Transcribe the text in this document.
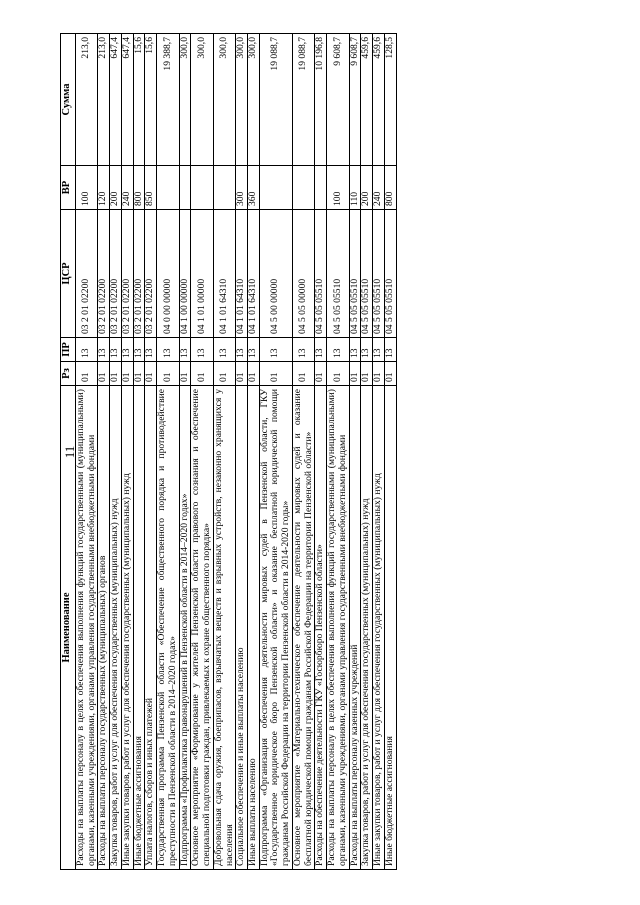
11
Наименование	Рз	ПР	ЦСР	ВР	Сумма
Расходы на выплаты персоналу в целях обеспечения выполнения функций государственными (муниципальными) органами, казенными учреждениями, органами управления государственными внебюджетными фондами	01	13	03 2 01 02200	100	213,0
Расходы на выплаты персоналу государственных (муниципальных) органов	01	13	03 2 01 02200	120	213,0
Закупка товаров, работ и услуг для обеспечения государственных (муниципальных) нужд	01	13	03 2 01 02200	200	647,4
Иные закупки товаров, работ и услуг для обеспечения государственных (муниципальных) нужд	01	13	03 2 01 02200	240	647,4
Иные бюджетные ассигнования	01	13	03 2 01 02200	800	15,6
Уплата налогов, сборов и иных платежей	01	13	03 2 01 02200	850	15,6
Государственная программа Пензенской области «Обеспечение общественного порядка и противодействие преступности в Пензенской области в 2014–2020 годах»	01	13	04 0 00 00000		19 388,7
Подпрограмма «Профилактика правонарушений в Пензенской области в 2014–2020 годах»	01	13	04 1 00 00000		300,0
Основное мероприятие «Формирование у жителей Пензенской области правового сознания и обеспечение специальной подготовки граждан, привлекаемых к охране общественного порядка»	01	13	04 1 01 00000		300,0
Добровольная сдача оружия, боеприпасов, взрывчатых веществ и взрывных устройств, незаконно хранящихся у населения	01	13	04 1 01 64310		300,0
Социальное обеспечение и иные выплаты населению	01	13	04 1 01 64310	300	300,0
Иные выплаты населению	01	13	04 1 01 64310	360	300,0
Подпрограмма «Организация обеспечения деятельности мировых судей в Пензенской области, ГКУ «Государственное юридическое бюро Пензенской области» и оказание бесплатной юридической помощи гражданам Российской Федерации на территории Пензенской области в 2014-2020 годы»	01	13	04 5 00 00000		19 088,7
Основное мероприятие «Материально-техническое обеспечение деятельности мировых судей и оказание бесплатной юридической помощи гражданам Российской Федерации на территории Пензенской области»	01	13	04 5 05 00000		19 088,7
Расходы на обеспечение деятельности ГКУ «Госюрбюро Пензенской области»	01	13	04 5 05 05510		10 196,8
Расходы на выплаты персоналу в целях обеспечения выполнения функций государственными (муниципальными) органами, казенными учреждениями, органами управления государственными внебюджетными фондами	01	13	04 5 05 05510	100	9 608,7
Расходы на выплаты персоналу казенных учреждений	01	13	04 5 05 05510	110	9 608,7
Закупка товаров, работ и услуг для обеспечения государственных (муниципальных) нужд	01	13	04 5 05 05510	200	459,6
Иные закупки товаров, работ и услуг для обеспечения государственных (муниципальных) нужд	01	13	04 5 05 05510	240	459,6
Иные бюджетные ассигнования	01	13	04 5 05 05510	800	128,5
